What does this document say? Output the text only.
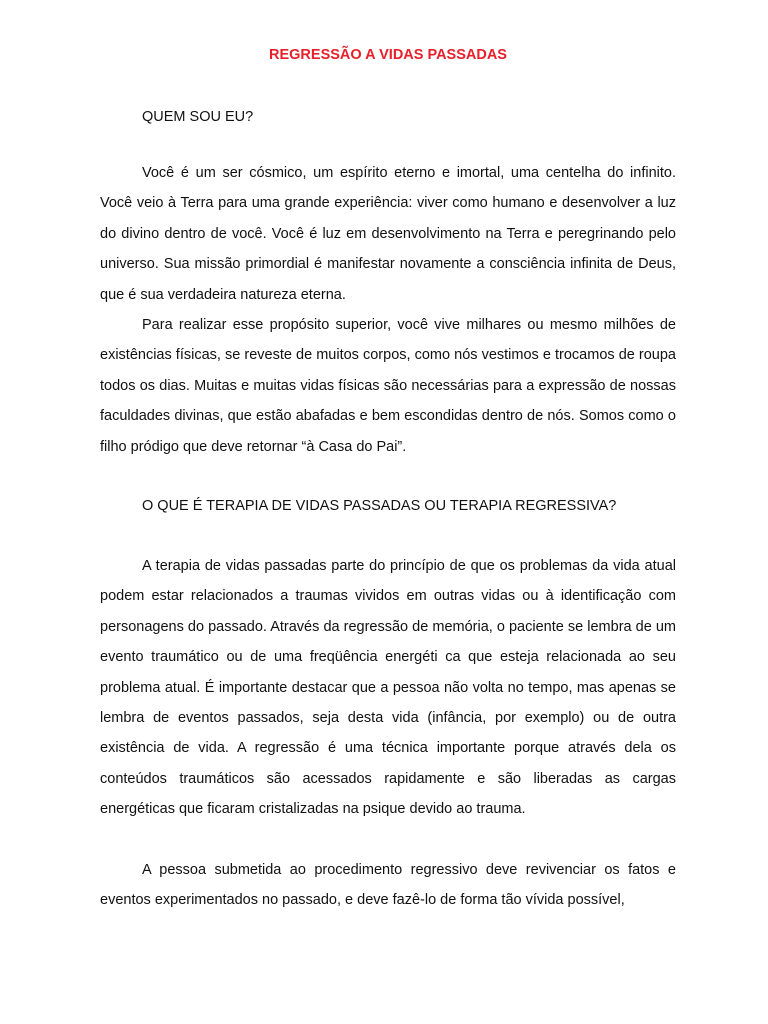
REGRESSÃO A VIDAS PASSADAS
QUEM SOU EU?

Você é um ser cósmico, um espírito eterno e imortal, uma centelha do infinito. Você veio à Terra para uma grande experiência: viver como humano e desenvolver a luz do divino dentro de você. Você é luz em desenvolvimento na Terra e peregrinando pelo universo. Sua missão primordial é manifestar novamente a consciência infinita de Deus, que é sua verdadeira natureza eterna.

Para realizar esse propósito superior, você vive milhares ou mesmo milhões de existências físicas, se reveste de muitos corpos, como nós vestimos e trocamos de roupa todos os dias. Muitas e muitas vidas físicas são necessárias para a expressão de nossas faculdades divinas, que estão abafadas e bem escondidas dentro de nós. Somos como o filho pródigo que deve retornar “à Casa do Pai”.

O QUE É TERAPIA DE VIDAS PASSADAS OU TERAPIA REGRESSIVA?

A terapia de vidas passadas parte do princípio de que os problemas da vida atual podem estar relacionados a traumas vividos em outras vidas ou à identificação com personagens do passado. Através da regressão de memória, o paciente se lembra de um evento traumático ou de uma freqüência energéti ca que esteja relacionada ao seu problema atual. É importante destacar que a pessoa não volta no tempo, mas apenas se lembra de eventos passados, seja desta vida (infância, por exemplo) ou de outra existência de vida. A regressão é uma técnica importante porque através dela os conteúdos traumáticos são acessados rapidamente e são liberadas as cargas energéticas que ficaram cristalizadas na psique devido ao trauma.

A pessoa submetida ao procedimento regressivo deve revivenciar os fatos e eventos experimentados no passado, e deve fazê-lo de forma tão vívida possível,
